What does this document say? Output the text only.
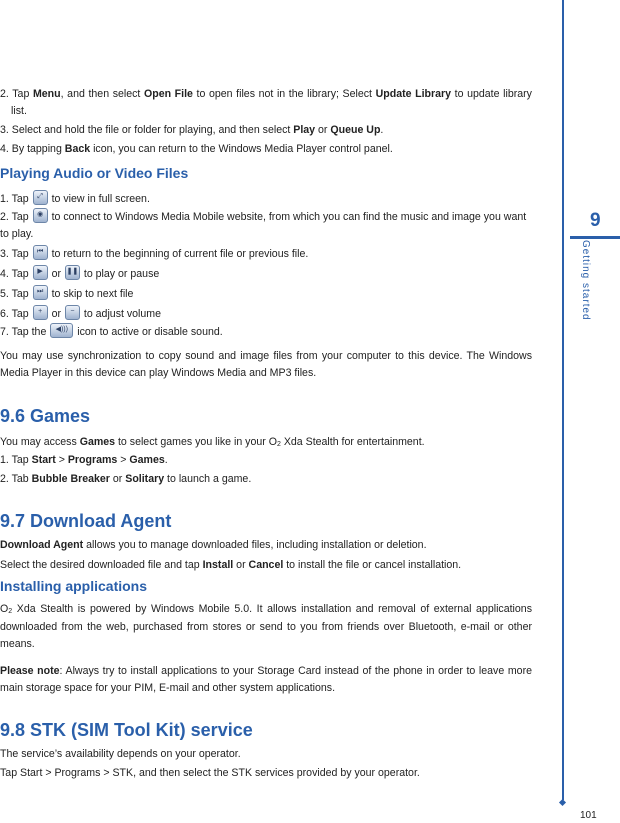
2. Tap Menu, and then select Open File to open files not in the library; Select Update Library to update library list.

3. Select and hold the file or folder for playing, and then select Play or Queue Up.

4. By tapping Back icon, you can return to the Windows Media Player control panel.

Playing Audio or Video Files

1. Tap ⤢ to view in full screen.

2. Tap ◉ to connect to Windows Media Mobile website, from which you can find the music and image you want to play.

3. Tap ⏮ to return to the beginning of current file or previous file.

4. Tap ▶ or ❚❚ to play or pause

5. Tap ⏭ to skip to next file

6. Tap + or − to adjust volume

7. Tap the ◀))) icon to active or disable sound.

You may use synchronization to copy sound and image files from your computer to this device. The Windows Media Player in this device can play Windows Media and MP3 files.

9.6 Games

You may access Games to select games you like in your $O_2$ Xda Stealth for entertainment.

1. Tap Start > Programs > Games.

2. Tab Bubble Breaker or Solitary to launch a game.

9.7 Download Agent

Download Agent allows you to manage downloaded files, including installation or deletion.

Select the desired downloaded file and tap Install or Cancel to install the file or cancel installation.

Installing applications

$O_2$ Xda Stealth is powered by Windows Mobile 5.0. It allows installation and removal of external applications downloaded from the web, purchased from stores or send to you from friends over Bluetooth, e-mail or other means.

Please note: Always try to install applications to your Storage Card instead of the phone in order to leave more main storage space for your PIM, E-mail and other system applications.

9.8 STK (SIM Tool Kit) service

The service’s availability depends on your operator.

Tap Start > Programs > STK, and then select the STK services provided by your operator.

9
Getting started
101
